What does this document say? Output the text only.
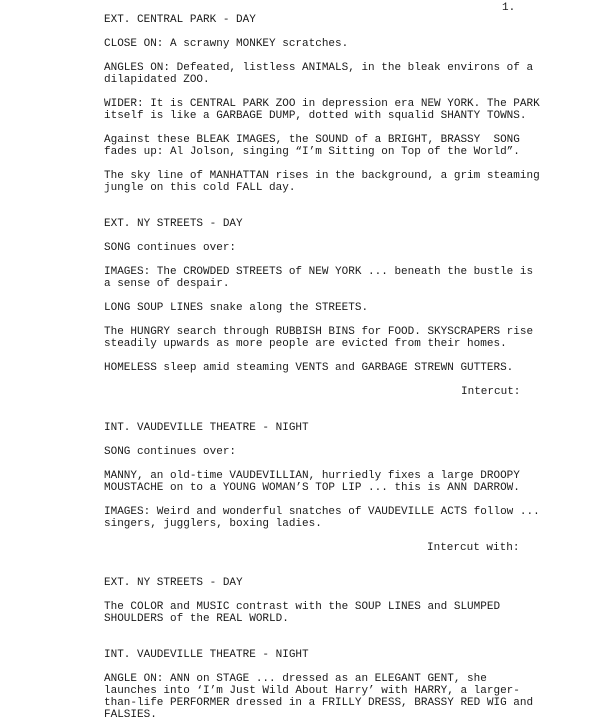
1.
EXT. CENTRAL PARK - DAY
CLOSE ON: A scrawny MONKEY scratches.
ANGLES ON: Defeated, listless ANIMALS, in the bleak environs of a
dilapidated ZOO.
WIDER: It is CENTRAL PARK ZOO in depression era NEW YORK. The PARK
itself is like a GARBAGE DUMP, dotted with squalid SHANTY TOWNS.
Against these BLEAK IMAGES, the SOUND of a BRIGHT, BRASSY  SONG
fades up: Al Jolson, singing “I’m Sitting on Top of the World”.
The sky line of MANHATTAN rises in the background, a grim steaming
jungle on this cold FALL day.
EXT. NY STREETS - DAY
SONG continues over:
IMAGES: The CROWDED STREETS of NEW YORK ... beneath the bustle is
a sense of despair.
LONG SOUP LINES snake along the STREETS.
The HUNGRY search through RUBBISH BINS for FOOD. SKYSCRAPERS rise
steadily upwards as more people are evicted from their homes.
HOMELESS sleep amid steaming VENTS and GARBAGE STREWN GUTTERS.
Intercut:
INT. VAUDEVILLE THEATRE - NIGHT
SONG continues over:
MANNY, an old-time VAUDEVILLIAN, hurriedly fixes a large DROOPY
MOUSTACHE on to a YOUNG WOMAN’S TOP LIP ... this is ANN DARROW.
IMAGES: Weird and wonderful snatches of VAUDEVILLE ACTS follow ...
singers, jugglers, boxing ladies.
Intercut with:
EXT. NY STREETS - DAY
The COLOR and MUSIC contrast with the SOUP LINES and SLUMPED
SHOULDERS of the REAL WORLD.
INT. VAUDEVILLE THEATRE - NIGHT
ANGLE ON: ANN on STAGE ... dressed as an ELEGANT GENT, she
launches into ‘I’m Just Wild About Harry’ with HARRY, a larger-
than-life PERFORMER dressed in a FRILLY DRESS, BRASSY RED WIG and
FALSIES.
